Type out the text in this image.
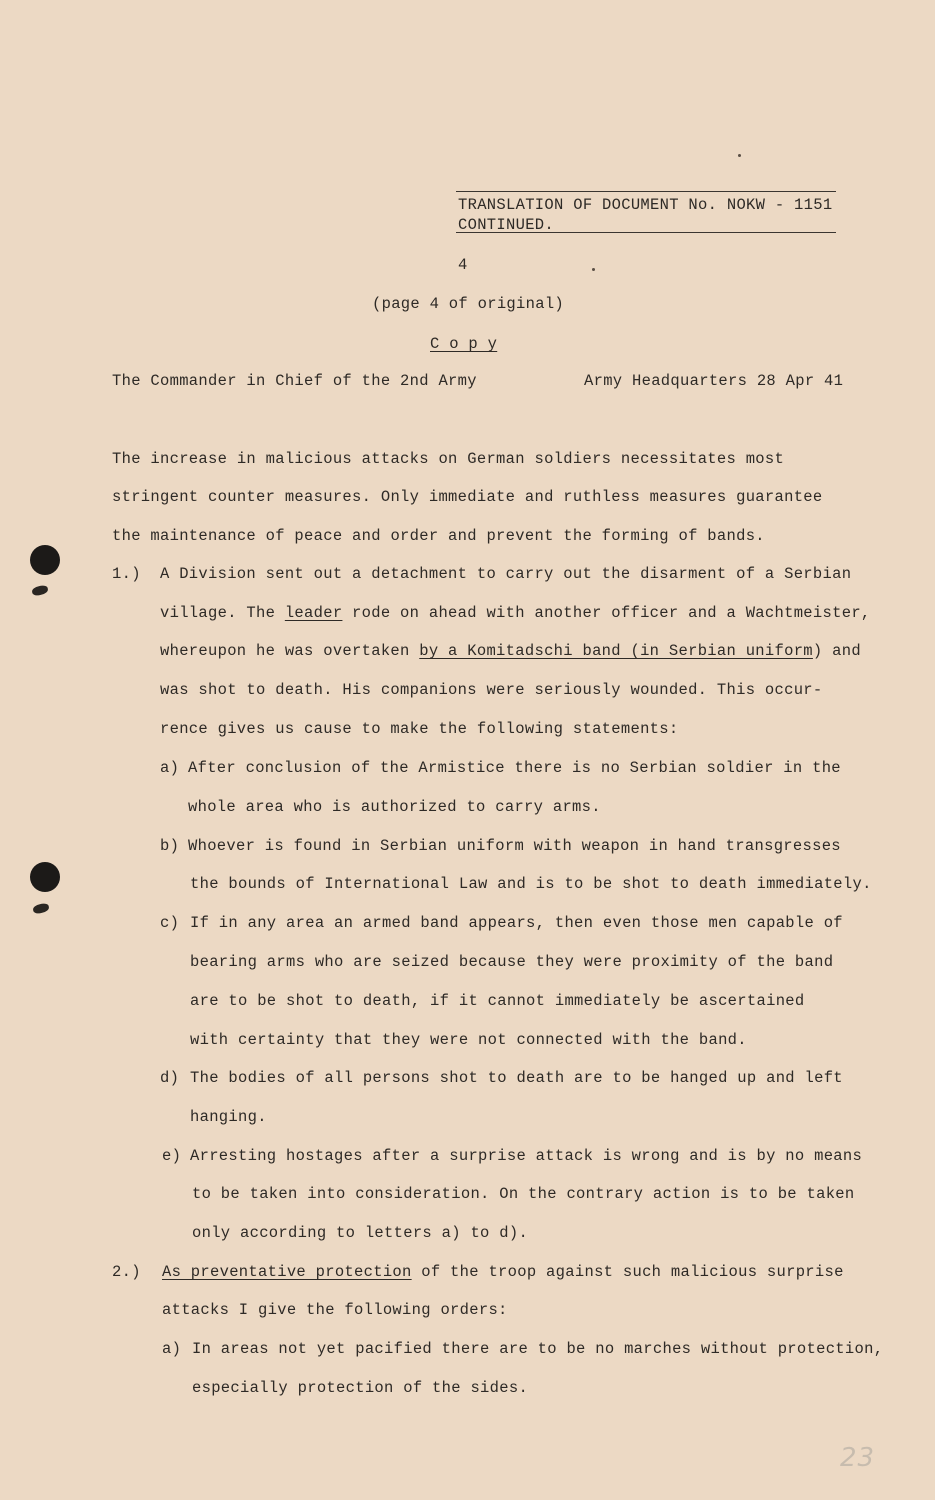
TRANSLATION OF DOCUMENT No. NOKW - 1151
CONTINUED.
4
(page 4 of original)
C o p y
The Commander in Chief of the 2nd Army	Army Headquarters 28 Apr 41
The increase in malicious attacks on German soldiers necessitates most
stringent counter measures. Only immediate and ruthless measures guarantee
the maintenance of peace and order and prevent the forming of bands.
1.) A Division sent out a detachment to carry out the disarment of a Serbian
village. The leader rode on ahead with another officer and a Wachtmeister,
whereupon he was overtaken by a Komitadschi band (in Serbian uniform) and
was shot to death. His companions were seriously wounded. This occur-
rence gives us cause to make the following statements:
a) After conclusion of the Armistice there is no Serbian soldier in the
whole area who is authorized to carry arms.
b) Whoever is found in Serbian uniform with weapon in hand transgresses
the bounds of International Law and is to be shot to death immediately.
c) If in any area an armed band appears, then even those men capable of
bearing arms who are seized because they were proximity of the band
are to be shot to death, if it cannot immediately be ascertained
with certainty that they were not connected with the band.
d) The bodies of all persons shot to death are to be hanged up and left
hanging.
e) Arresting hostages after a surprise attack is wrong and is by no means
to be taken into consideration. On the contrary action is to be taken
only according to letters a) to d).
2.) As preventative protection of the troop against such malicious surprise
attacks I give the following orders:
a) In areas not yet pacified there are to be no marches without protection,
especially protection of the sides.
23
